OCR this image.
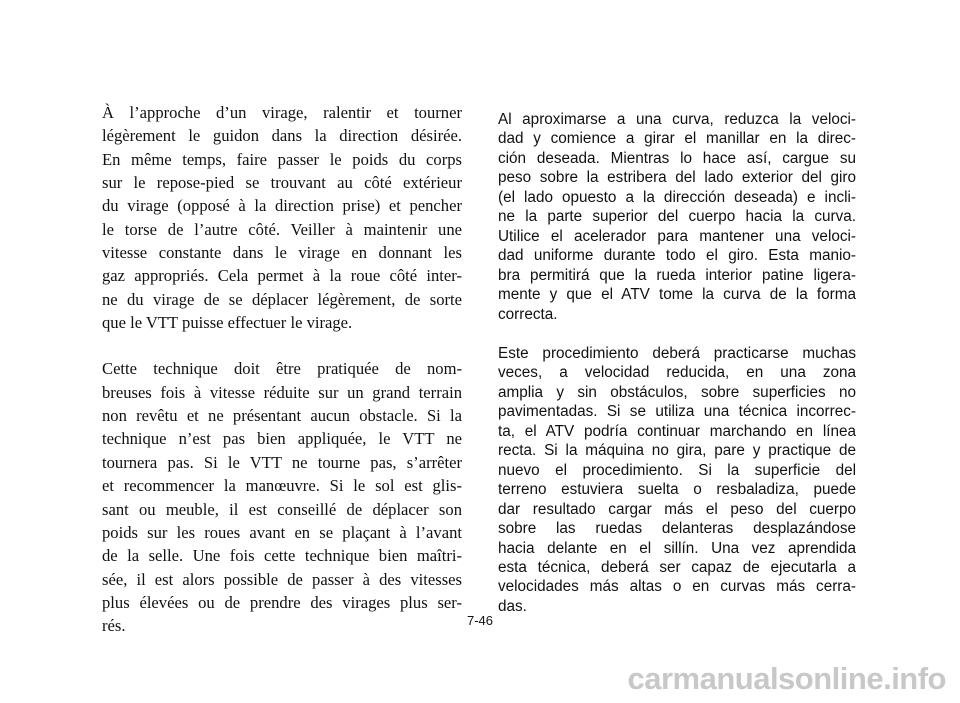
À l’approche d’un virage, ralentir et tourner
légèrement le guidon dans la direction désirée.
En même temps, faire passer le poids du corps
sur le repose-pied se trouvant au côté extérieur
du virage (opposé à la direction prise) et pencher
le torse de l’autre côté. Veiller à maintenir une
vitesse constante dans le virage en donnant les
gaz appropriés. Cela permet à la roue côté inter-
ne du virage de se déplacer légèrement, de sorte
que le VTT puisse effectuer le virage.

Cette technique doit être pratiquée de nom-
breuses fois à vitesse réduite sur un grand terrain
non revêtu et ne présentant aucun obstacle. Si la
technique n’est pas bien appliquée, le VTT ne
tournera pas. Si le VTT ne tourne pas, s’arrêter
et recommencer la manœuvre. Si le sol est glis-
sant ou meuble, il est conseillé de déplacer son
poids sur les roues avant en se plaçant à l’avant
de la selle. Une fois cette technique bien maîtri-
sée, il est alors possible de passer à des vitesses
plus élevées ou de prendre des virages plus ser-
rés.

Al aproximarse a una curva, reduzca la veloci-
dad y comience a girar el manillar en la direc-
ción deseada. Mientras lo hace así, cargue su
peso sobre la estribera del lado exterior del giro
(el lado opuesto a la dirección deseada) e incli-
ne la parte superior del cuerpo hacia la curva.
Utilice el acelerador para mantener una veloci-
dad uniforme durante todo el giro. Esta manio-
bra permitirá que la rueda interior patine ligera-
mente y que el ATV tome la curva de la forma
correcta.

Este procedimiento deberá practicarse muchas
veces, a velocidad reducida, en una zona
amplia y sin obstáculos, sobre superficies no
pavimentadas. Si se utiliza una técnica incorrec-
ta, el ATV podría continuar marchando en línea
recta. Si la máquina no gira, pare y practique de
nuevo el procedimiento. Si la superficie del
terreno estuviera suelta o resbaladiza, puede
dar resultado cargar más el peso del cuerpo
sobre las ruedas delanteras desplazándose
hacia delante en el sillín. Una vez aprendida
esta técnica, deberá ser capaz de ejecutarla a
velocidades más altas o en curvas más cerra-
das.

7-46
carmanualsonline.info
